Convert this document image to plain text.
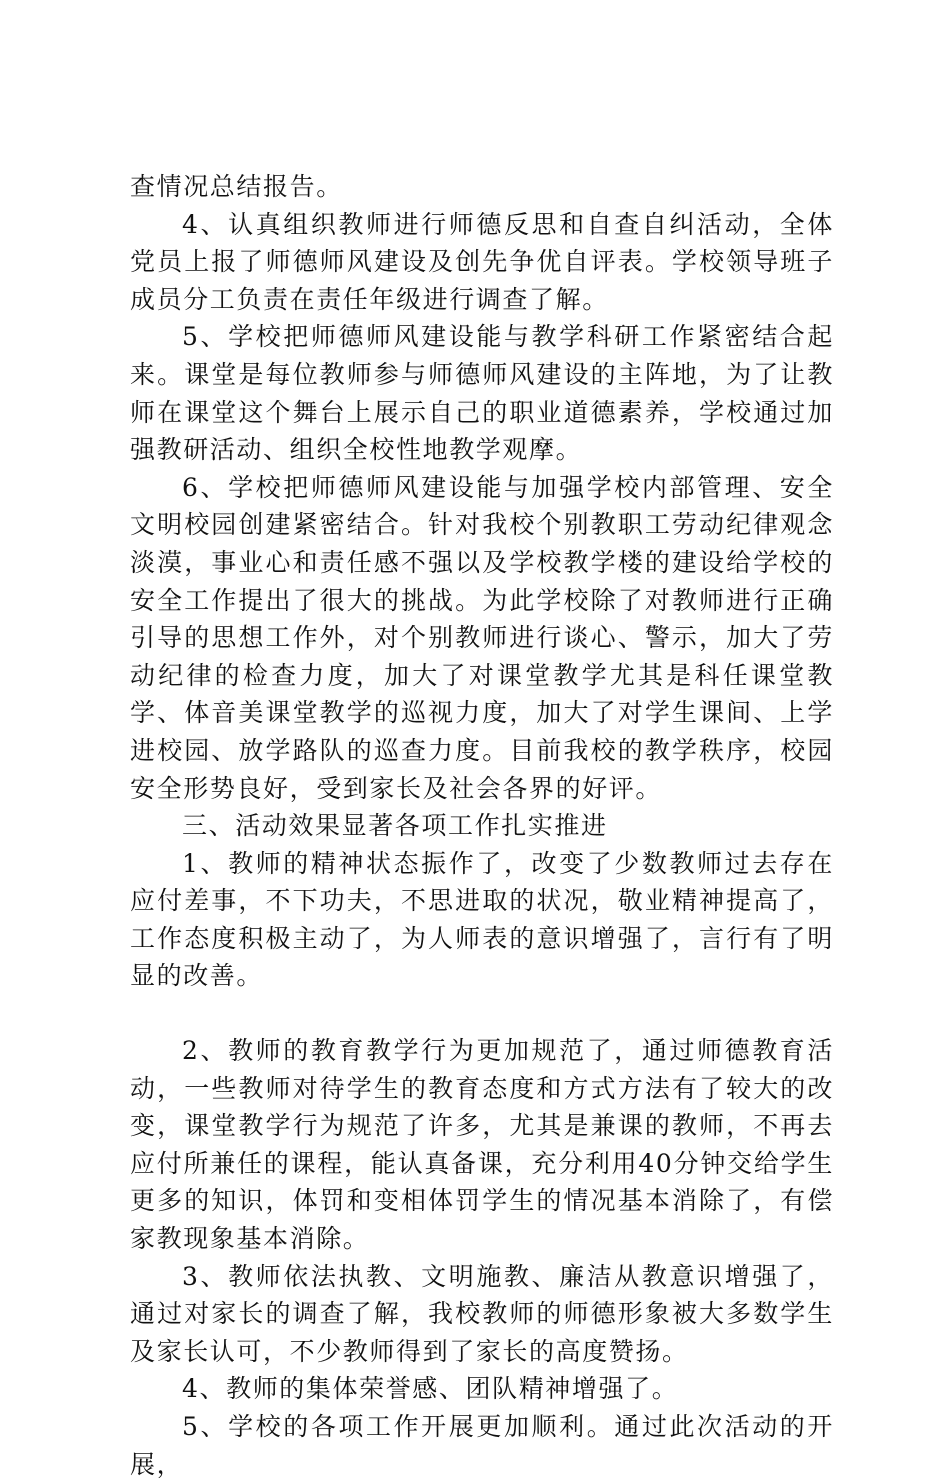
查情况总结报告。

4、认真组织教师进行师德反思和自查自纠活动，全体党员上报了师德师风建设及创先争优自评表。学校领导班子成员分工负责在责任年级进行调查了解。

5、学校把师德师风建设能与教学科研工作紧密结合起来。课堂是每位教师参与师德师风建设的主阵地，为了让教师在课堂这个舞台上展示自己的职业道德素养，学校通过加强教研活动、组织全校性地教学观摩。

6、学校把师德师风建设能与加强学校内部管理、安全文明校园创建紧密结合。针对我校个别教职工劳动纪律观念淡漠，事业心和责任感不强以及学校教学楼的建设给学校的安全工作提出了很大的挑战。为此学校除了对教师进行正确引导的思想工作外，对个别教师进行谈心、警示，加大了劳动纪律的检查力度，加大了对课堂教学尤其是科任课堂教学、体音美课堂教学的巡视力度，加大了对学生课间、上学进校园、放学路队的巡查力度。目前我校的教学秩序，校园安全形势良好，受到家长及社会各界的好评。

三、活动效果显著各项工作扎实推进

1、教师的精神状态振作了，改变了少数教师过去存在应付差事，不下功夫，不思进取的状况，敬业精神提高了，工作态度积极主动了，为人师表的意识增强了，言行有了明显的改善。

2、教师的教育教学行为更加规范了，通过师德教育活动，一些教师对待学生的教育态度和方式方法有了较大的改变，课堂教学行为规范了许多，尤其是兼课的教师，不再去应付所兼任的课程，能认真备课，充分利用40分钟交给学生更多的知识，体罚和变相体罚学生的情况基本消除了，有偿家教现象基本消除。

3、教师依法执教、文明施教、廉洁从教意识增强了，通过对家长的调查了解，我校教师的师德形象被大多数学生及家长认可，不少教师得到了家长的高度赞扬。

4、教师的集体荣誉感、团队精神增强了。

5、学校的各项工作开展更加顺利。通过此次活动的开展，
